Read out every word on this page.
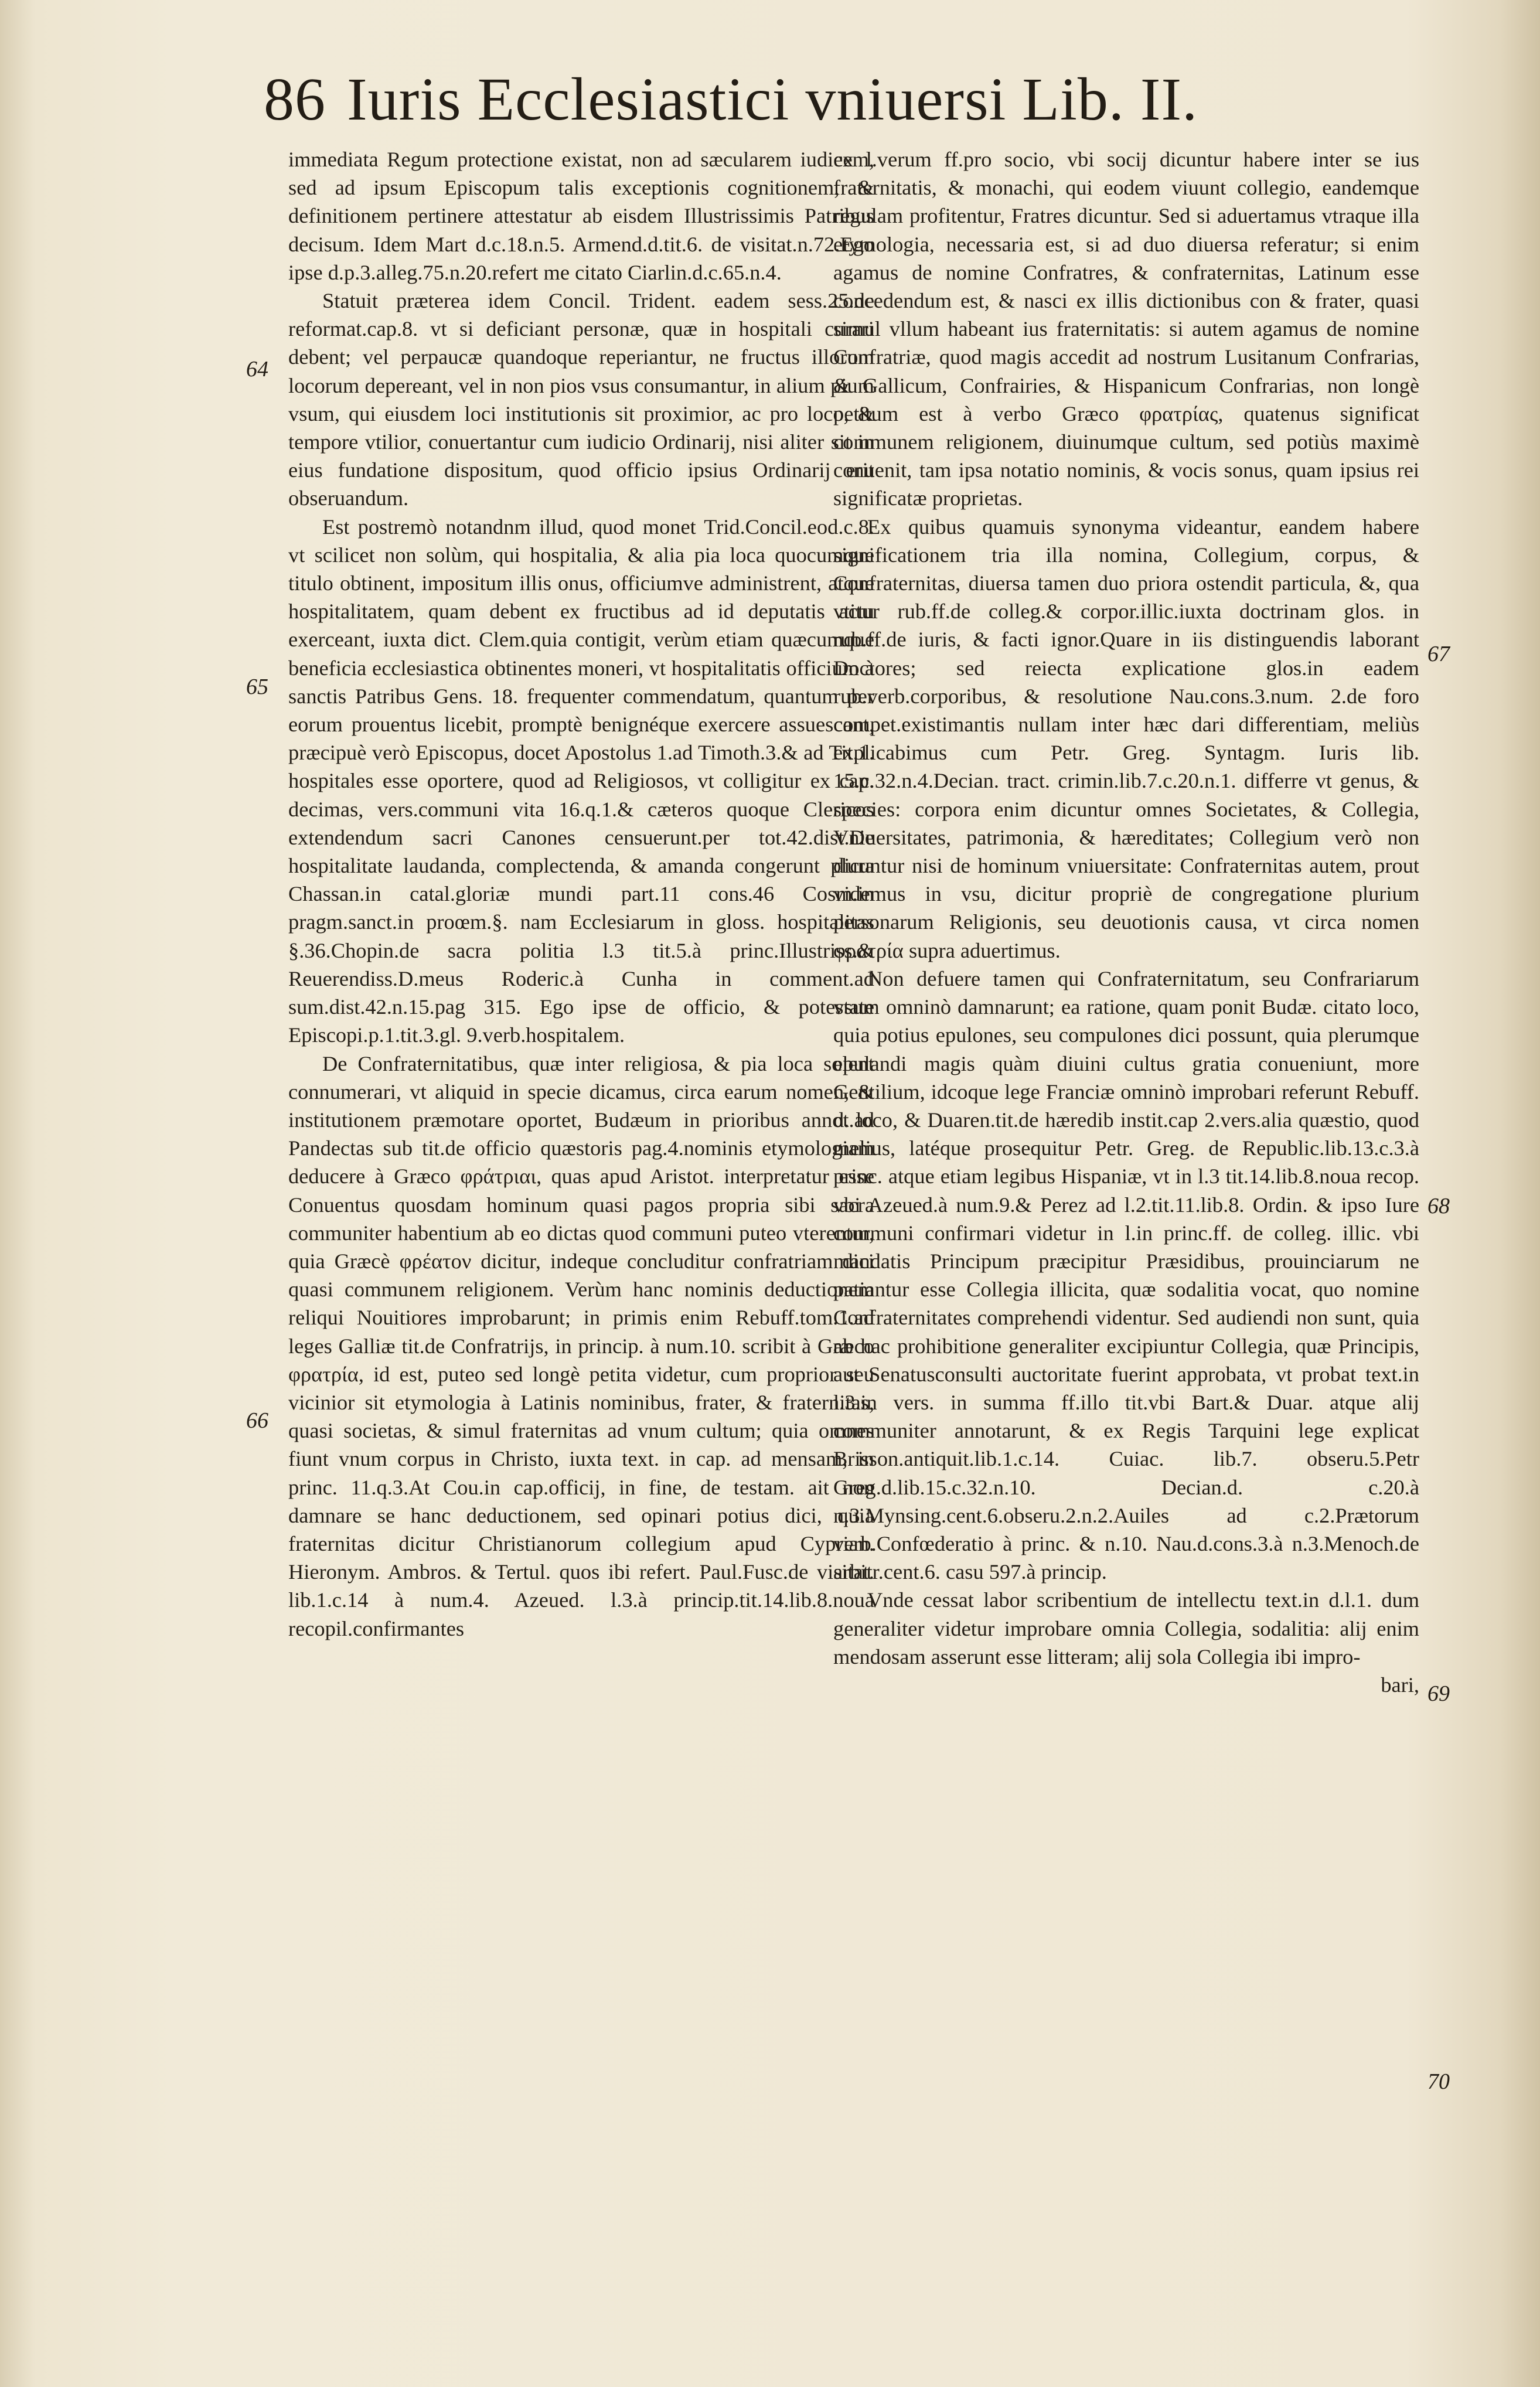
86 Iuris Ecclesiastici vniuersi Lib. II.

immediata Regum protectione existat, non ad sæcularem iudicem, sed ad ipsum Episcopum talis exceptionis cognitionem, & definitionem pertinere attestatur ab eisdem Illustrissimis Patribus decisum. Idem Mart d.c.18.n.5. Armend.d.tit.6. de visitat.n.72.Ego ipse d.p.3.alleg.75.n.20.refert me citato Ciarlin.d.c.65.n.4.

Statuit præterea idem Concil. Trident. eadem sess.25.de reformat.cap.8. vt si deficiant personæ, quæ in hospitali curari debent; vel perpaucæ quandoque reperiantur, ne fructus illorum locorum depereant, vel in non pios vsus consumantur, in alium pium vsum, qui eiusdem loci institutionis sit proximior, ac pro loco, & tempore vtilior, conuertantur cum iudicio Ordinarij, nisi aliter sit in eius fundatione dispositum, quod officio ipsius Ordinarij erit obseruandum.

Est postremò notandnm illud, quod monet Trid.Concil.eod.c.8. vt scilicet non solùm, qui hospitalia, & alia pia loca quocumque titulo obtinent, impositum illis onus, officiumve administrent, atque hospitalitatem, quam debent ex fructibus ad id deputatis actu exerceant, iuxta dict. Clem.quia contigit, verùm etiam quæcumque beneficia ecclesiastica obtinentes moneri, vt hospitalitatis officium à sanctis Patribus Gens. 18. frequenter commendatum, quantum per eorum prouentus licebit, promptè benignéque exercere assuescant, præcipuè verò Episcopus, docet Apostolus 1.ad Timoth.3.& ad Tit.1. hospitales esse oportere, quod ad Religiosos, vt colligitur ex cap. decimas, vers.communi vita 16.q.1.& cæteros quoque Clericos extendendum sacri Canones censuerunt.per tot.42.dist.De hospitalitate laudanda, complectenda, & amanda congerunt plura Chassan.in catal.gloriæ mundi part.11 cons.46 Cosm.in pragm.sanct.in proœm.§. nam Ecclesiarum in gloss. hospitalitas §.36.Chopin.de sacra politia l.3 tit.5.à princ.Illustriss.& Reuerendiss.D.meus Roderic.à Cunha in comment.ad sum.dist.42.n.15.pag 315. Ego ipse de officio, & potestate Episcopi.p.1.tit.3.gl. 9.verb.hospitalem.

De Confraternitatibus, quæ inter religiosa, & pia loca solent connumerari, vt aliquid in specie dicamus, circa earum nomen, & institutionem præmotare oportet, Budæum in prioribus annot.ad Pandectas sub tit.de officio quæstoris pag.4.nominis etymologiam deducere à Græco φράτριαι, quas apud Aristot. interpretatur esse Conuentus quosdam hominum quasi pagos propria sibi sacra communiter habentium ab eo dictas quod communi puteo vterentur, quia Græcè φρέατον dicitur, indeque concluditur confratriam dici quasi communem religionem. Verùm hanc nominis deductionem reliqui Nouitiores improbarunt; in primis enim Rebuff.tom.1.ad leges Galliæ tit.de Confratrijs, in princip. à num.10. scribit à Græco φρατρία, id est, puteo sed longè petita videtur, cum proprior seu vicinior sit etymologia à Latinis nominibus, frater, & fraternitas, quasi societas, & simul fraternitas ad vnum cultum; quia omnes fiunt vnum corpus in Christo, iuxta text. in cap. ad mensam, in princ. 11.q.3.At Cou.in cap.officij, in fine, de testam. ait non damnare se hanc deductionem, sed opinari potius dici, quia fraternitas dicitur Christianorum collegium apud Cyprian. Hieronym. Ambros. & Tertul. quos ibi refert. Paul.Fusc.de visitat. lib.1.c.14 à num.4. Azeued. l.3.à princip.tit.14.lib.8.noua recopil.confirmantes

ex l.verum ff.pro socio, vbi socij dicuntur habere inter se ius fraternitatis, & monachi, qui eodem viuunt collegio, eandemque regulam profitentur, Fratres dicuntur. Sed si aduertamus vtraque illa etymologia, necessaria est, si ad duo diuersa referatur; si enim agamus de nomine Confratres, & confraternitas, Latinum esse concedendum est, & nasci ex illis dictionibus con & frater, quasi simul vllum habeant ius fraternitatis: si autem agamus de nomine Confratriæ, quod magis accedit ad nostrum Lusitanum Confrarias, & Gallicum, Confrairies, & Hispanicum Confrarias, non longè petitum est à verbo Græco φρατρίας, quatenus significat communem religionem, diuinumque cultum, sed potiùs maximè conuenit, tam ipsa notatio nominis, & vocis sonus, quam ipsius rei significatæ proprietas.

Ex quibus quamuis synonyma videantur, eandem habere significationem tria illa nomina, Collegium, corpus, & Confraternitas, diuersa tamen duo priora ostendit particula, &, qua vtitur rub.ff.de colleg.& corpor.illic.iuxta doctrinam glos. in rub.ff.de iuris, & facti ignor.Quare in iis distinguendis laborant Doctores; sed reiecta explicatione glos.in eadem rub.verb.corporibus, & resolutione Nau.cons.3.num. 2.de foro compet.existimantis nullam inter hæc dari differentiam, meliùs explicabimus cum Petr. Greg. Syntagm. Iuris lib. 15.c.32.n.4.Decian. tract. crimin.lib.7.c.20.n.1. differre vt genus, & species: corpora enim dicuntur omnes Societates, & Collegia, Vniuersitates, patrimonia, & hæreditates; Collegium verò non dicuntur nisi de hominum vniuersitate: Confraternitas autem, prout videmus in vsu, dicitur propriè de congregatione plurium personarum Religionis, seu deuotionis causa, vt circa nomen φρατρία supra aduertimus.

Non defuere tamen qui Confraternitatum, seu Confrariarum vsum omninò damnarunt; ea ratione, quam ponit Budæ. citato loco, quia potius epulones, seu compulones dici possunt, quia plerumque epulandi magis quàm diuini cultus gratia conueniunt, more Gentilium, idcoque lege Franciæ omninò improbari referunt Rebuff. d. loco, & Duaren.tit.de hæredib instit.cap 2.vers.alia quæstio, quod melius, latéque prosequitur Petr. Greg. de Republic.lib.13.c.3.à princ. atque etiam legibus Hispaniæ, vt in l.3 tit.14.lib.8.noua recop. vbi Azeued.à num.9.& Perez ad l.2.tit.11.lib.8. Ordin. & ipso Iure communi confirmari videtur in l.in princ.ff. de colleg. illic. vbi mandatis Principum præcipitur Præsidibus, prouinciarum ne patiantur esse Collegia illicita, quæ sodalitia vocat, quo nomine Confraternitates comprehendi videntur. Sed audiendi non sunt, quia ab hac prohibitione generaliter excipiuntur Collegia, quæ Principis, aut Senatusconsulti auctoritate fuerint approbata, vt probat text.in l.3.in vers. in summa ff.illo tit.vbi Bart.& Duar. atque alij communiter annotarunt, & ex Regis Tarquini lege explicat Brisson.antiquit.lib.1.c.14. Cuiac. lib.7. obseru.5.Petr Greg.d.lib.15.c.32.n.10. Decian.d. c.20.à n.3.Mynsing.cent.6.obseru.2.n.2.Auiles ad c.2.Prætorum verb.Confœderatio à princ. & n.10. Nau.d.cons.3.à n.3.Menoch.de arbitr.cent.6. casu 597.à princip.

Vnde cessat labor scribentium de intellectu text.in d.l.1. dum generaliter videtur improbare omnia Collegia, sodalitia: alij enim mendosam asserunt esse litteram; alij sola Collegia ibi impro-

bari,

64
65
66
67
68
69
70
